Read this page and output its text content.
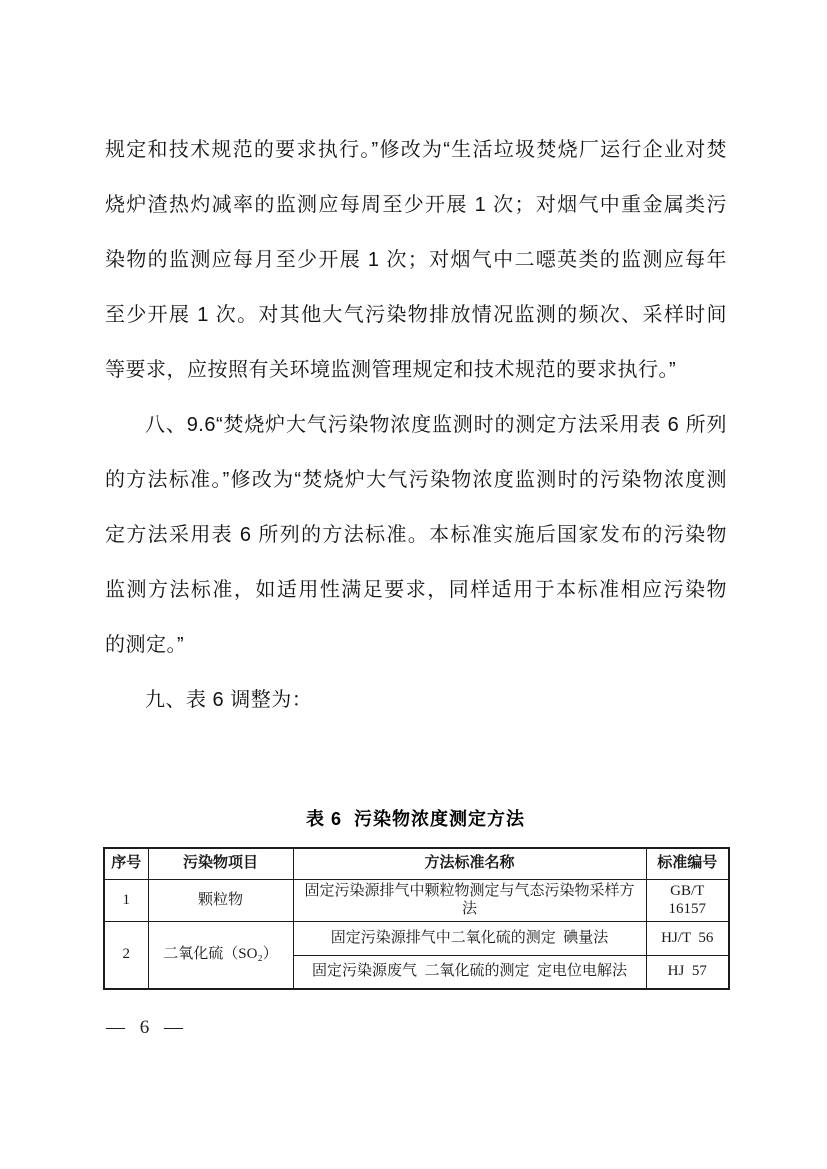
规定和技术规范的要求执行。”修改为“生活垃圾焚烧厂运行企业对焚
烧炉渣热灼减率的监测应每周至少开展 1 次；对烟气中重金属类污
染物的监测应每月至少开展 1 次；对烟气中二噁英类的监测应每年
至少开展 1 次。对其他大气污染物排放情况监测的频次、采样时间
等要求，应按照有关环境监测管理规定和技术规范的要求执行。”
八、9.6“焚烧炉大气污染物浓度监测时的测定方法采用表 6 所列
的方法标准。”修改为“焚烧炉大气污染物浓度监测时的污染物浓度测
定方法采用表 6 所列的方法标准。本标准实施后国家发布的污染物
监测方法标准，如适用性满足要求，同样适用于本标准相应污染物
的测定。”
九、表 6 调整为：
表 6  污染物浓度测定方法
序号	污染物项目	方法标准名称	标准编号
1	颗粒物	固定污染源排气中颗粒物测定与气态污染物采样方法	GB/T 16157
2	二氧化硫（SO₂）	固定污染源排气中二氧化硫的测定  碘量法	HJ/T  56
		固定污染源废气  二氧化硫的测定  定电位电解法	HJ  57
— 6 —
